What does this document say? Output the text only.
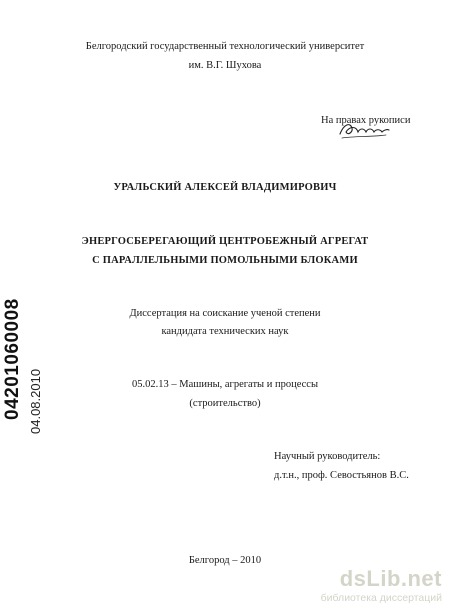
Белгородский государственный технологический университет
им. В.Г. Шухова
На правах рукописи
УРАЛЬСКИЙ АЛЕКСЕЙ ВЛАДИМИРОВИЧ
ЭНЕРГОСБЕРЕГАЮЩИЙ ЦЕНТРОБЕЖНЫЙ АГРЕГАТ
С ПАРАЛЛЕЛЬНЫМИ ПОМОЛЬНЫМИ БЛОКАМИ
Диссертация на соискание ученой степени
кандидата технических наук
05.02.13 – Машины, агрегаты и процессы
(строительство)
Научный руководитель:
д.т.н., проф. Севостьянов В.С.
Белгород – 2010
04201060008 04.08.2010
dsLib.net
библиотека диссертаций
